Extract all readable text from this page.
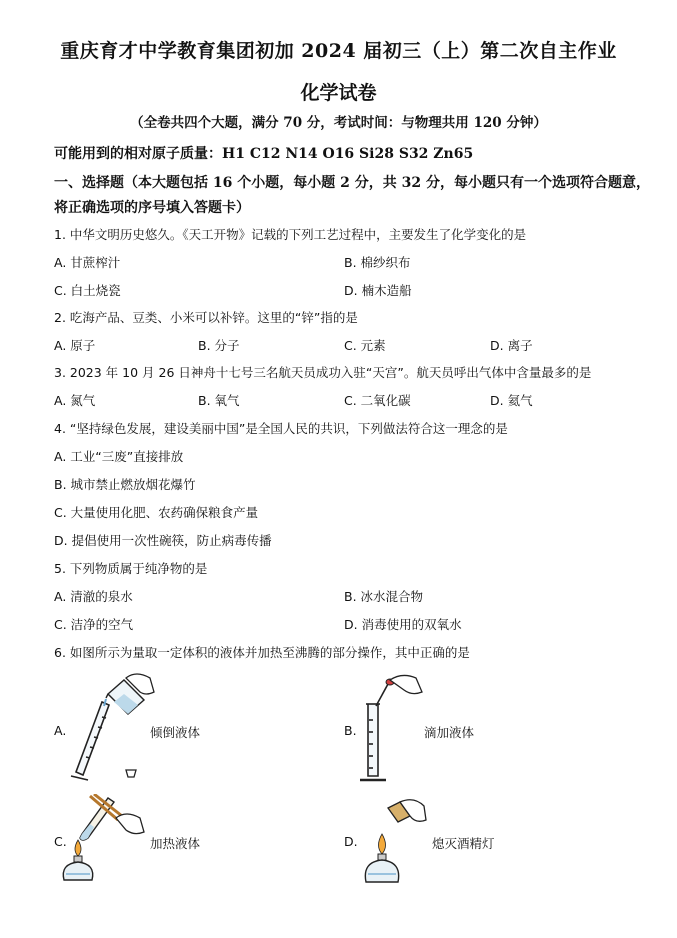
重庆育才中学教育集团初加 2024 届初三（上）第二次自主作业
化学试卷
（全卷共四个大题，满分 70 分，考试时间：与物理共用 120 分钟）
可能用到的相对原子质量：H1 C12 N14 O16 Si28 S32 Zn65
一、选择题（本大题包括 16 个小题，每小题 2 分，共 32 分，每小题只有一个选项符合题意，
将正确选项的序号填入答题卡）
1. 中华文明历史悠久。《天工开物》记载的下列工艺过程中，主要发生了化学变化的是
A. 甘蔗榨汁	B. 棉纱织布
C. 白土烧瓷	D. 楠木造船
2. 吃海产品、豆类、小米可以补锌。这里的“锌”指的是
A. 原子	B. 分子	C. 元素	D. 离子
3. 2023 年 10 月 26 日神舟十七号三名航天员成功入驻“天宫”。航天员呼出气体中含量最多的是
A. 氮气	B. 氧气	C. 二氧化碳	D. 氦气
4. “坚持绿色发展，建设美丽中国”是全国人民的共识，下列做法符合这一理念的是
A. 工业“三废”直接排放
B. 城市禁止燃放烟花爆竹
C. 大量使用化肥、农药确保粮食产量
D. 提倡使用一次性碗筷，防止病毒传播
5. 下列物质属于纯净物的是
A. 清澈的泉水	B. 冰水混合物
C. 洁净的空气	D. 消毒使用的双氧水
6. 如图所示为量取一定体积的液体并加热至沸腾的部分操作，其中正确的是
A.	倾倒液体	B.	滴加液体
C.	加热液体	D.	熄灭酒精灯
